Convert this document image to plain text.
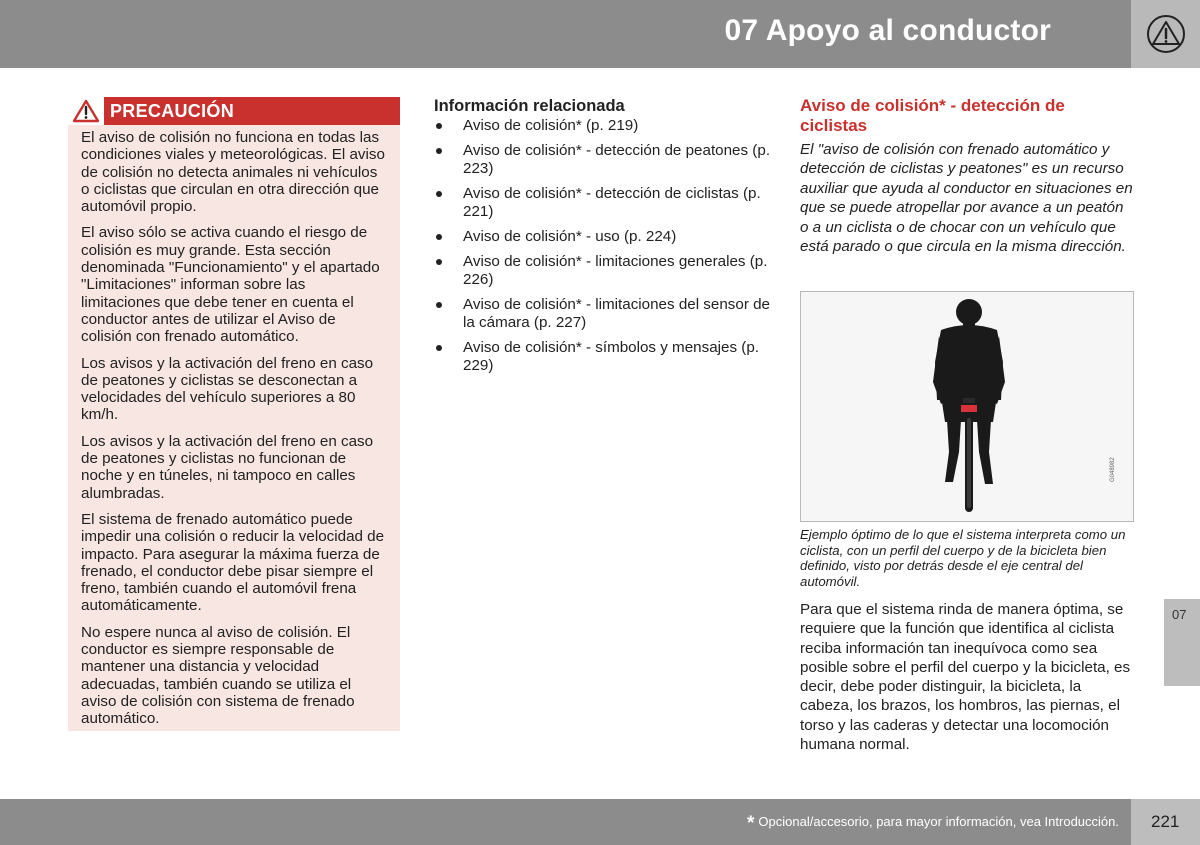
07 Apoyo al conductor
PRECAUCIÓN

El aviso de colisión no funciona en todas las condiciones viales y meteorológicas. El aviso de colisión no detecta animales ni vehículos o ciclistas que circulan en otra dirección que automóvil propio.

El aviso sólo se activa cuando el riesgo de colisión es muy grande. Esta sección denominada "Funcionamiento" y el apartado "Limitaciones" informan sobre las limitaciones que debe tener en cuenta el conductor antes de utilizar el Aviso de colisión con frenado automático.

Los avisos y la activación del freno en caso de peatones y ciclistas se desconectan a velocidades del vehículo superiores a 80 km/h.

Los avisos y la activación del freno en caso de peatones y ciclistas no funcionan de noche y en túneles, ni tampoco en calles alumbradas.

El sistema de frenado automático puede impedir una colisión o reducir la velocidad de impacto. Para asegurar la máxima fuerza de frenado, el conductor debe pisar siempre el freno, también cuando el automóvil frena automáticamente.

No espere nunca al aviso de colisión. El conductor es siempre responsable de mantener una distancia y velocidad adecuadas, también cuando se utiliza el aviso de colisión con sistema de frenado automático.

Información relacionada
Aviso de colisión* (p. 219)
Aviso de colisión* - detección de peatones (p. 223)
Aviso de colisión* - detección de ciclistas (p. 221)
Aviso de colisión* - uso (p. 224)
Aviso de colisión* - limitaciones generales (p. 226)
Aviso de colisión* - limitaciones del sensor de la cámara (p. 227)
Aviso de colisión* - símbolos y mensajes (p. 229)
Aviso de colisión* - detección de ciclistas
El "aviso de colisión con frenado automático y detección de ciclistas y peatones" es un recurso auxiliar que ayuda al conductor en situaciones en que se puede atropellar por avance a un peatón o a un ciclista o de chocar con un vehículo que está parado o que circula en la misma dirección.
G048982
Ejemplo óptimo de lo que el sistema interpreta como un ciclista, con un perfil del cuerpo y de la bicicleta bien definido, visto por detrás desde el eje central del automóvil.
Para que el sistema rinda de manera óptima, se requiere que la función que identifica al ciclista reciba información tan inequívoca como sea posible sobre el perfil del cuerpo y la bicicleta, es decir, debe poder distinguir, la bicicleta, la cabeza, los brazos, los hombros, las piernas, el torso y las caderas y detectar una locomoción humana normal.
07
* Opcional/accesorio, para mayor información, vea Introducción. 221
